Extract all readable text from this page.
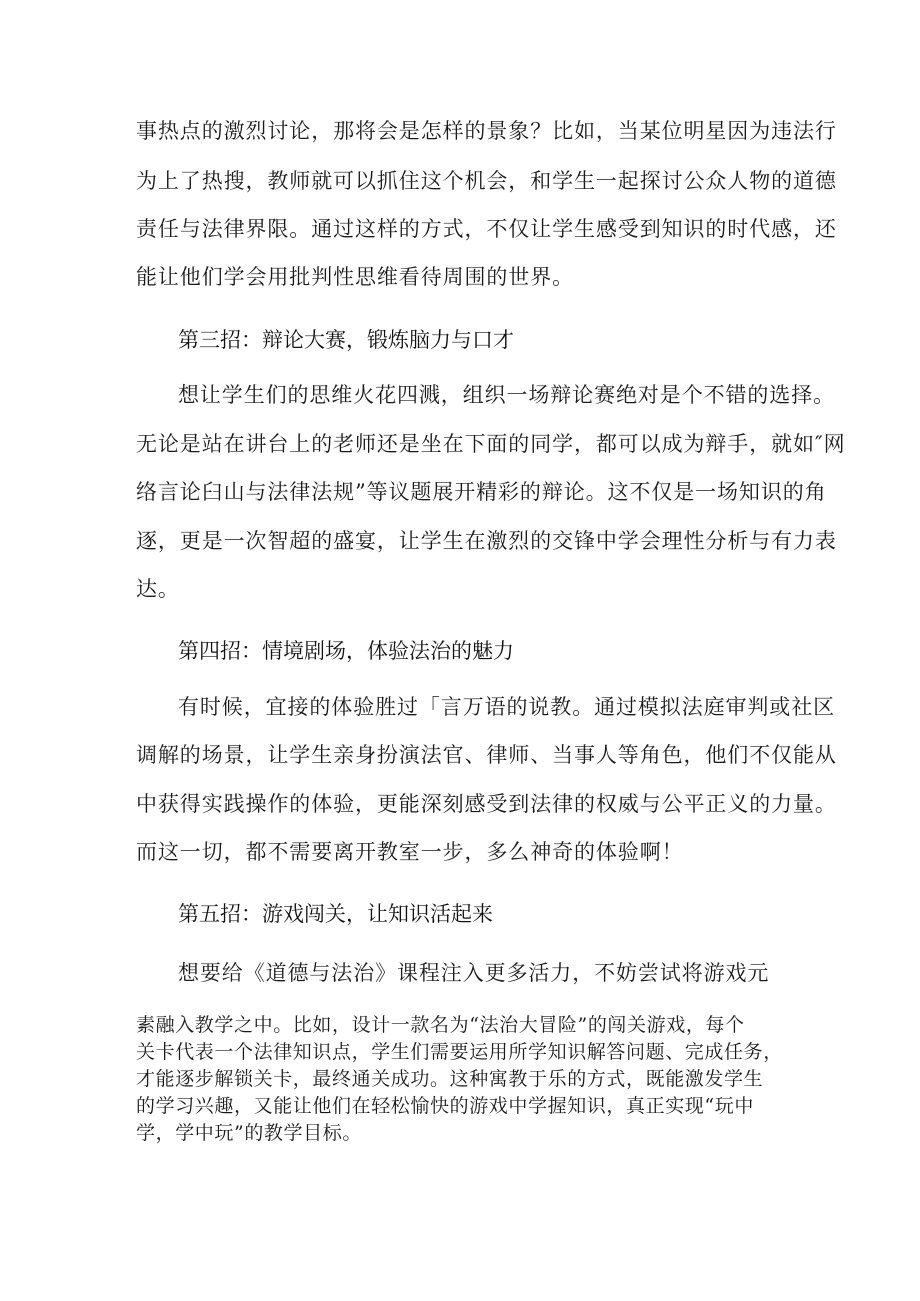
事热点的激烈讨论，那将会是怎样的景象？比如，当某位明星因为违法行
为上了热搜，教师就可以抓住这个机会，和学生一起探讨公众人物的道德
责任与法律界限。通过这样的方式，不仅让学生感受到知识的时代感，还
能让他们学会用批判性思维看待周围的世界。
第三招：辩论大赛，锻炼脑力与口才
想让学生们的思维火花四溅，组织一场辩论赛绝对是个不错的选择。
无论是站在讲台上的老师还是坐在下面的同学，都可以成为辩手，就如″网
络言论臼山与法律法规”等议题展开精彩的辩论。这不仅是一场知识的角
逐，更是一次智超的盛宴，让学生在激烈的交锋中学会理性分析与有力表
达。
第四招：情境剧场，体验法治的魅力
有时候，宜接的体验胜过「言万语的说教。通过模拟法庭审判或社区
调解的场景，让学生亲身扮演法官、律师、当事人等角色，他们不仅能从
中获得实践操作的体验，更能深刻感受到法律的权威与公平正义的力量。
而这一切，都不需要离开教室一步，多么神奇的体验啊！
第五招：游戏闯关，让知识活起来
想要给《道德与法治》课程注入更多活力，不妨尝试将游戏元
素融入教学之中。比如，设计一款名为“法治大冒险”的闯关游戏，每个
关卡代表一个法律知识点，学生们需要运用所学知识解答问题、完成任务，
才能逐步解锁关卡，最终通关成功。这种寓教于乐的方式，既能激发学生
的学习兴趣，又能让他们在轻松愉快的游戏中学握知识，真正实现“玩中
学，学中玩”的教学目标。
